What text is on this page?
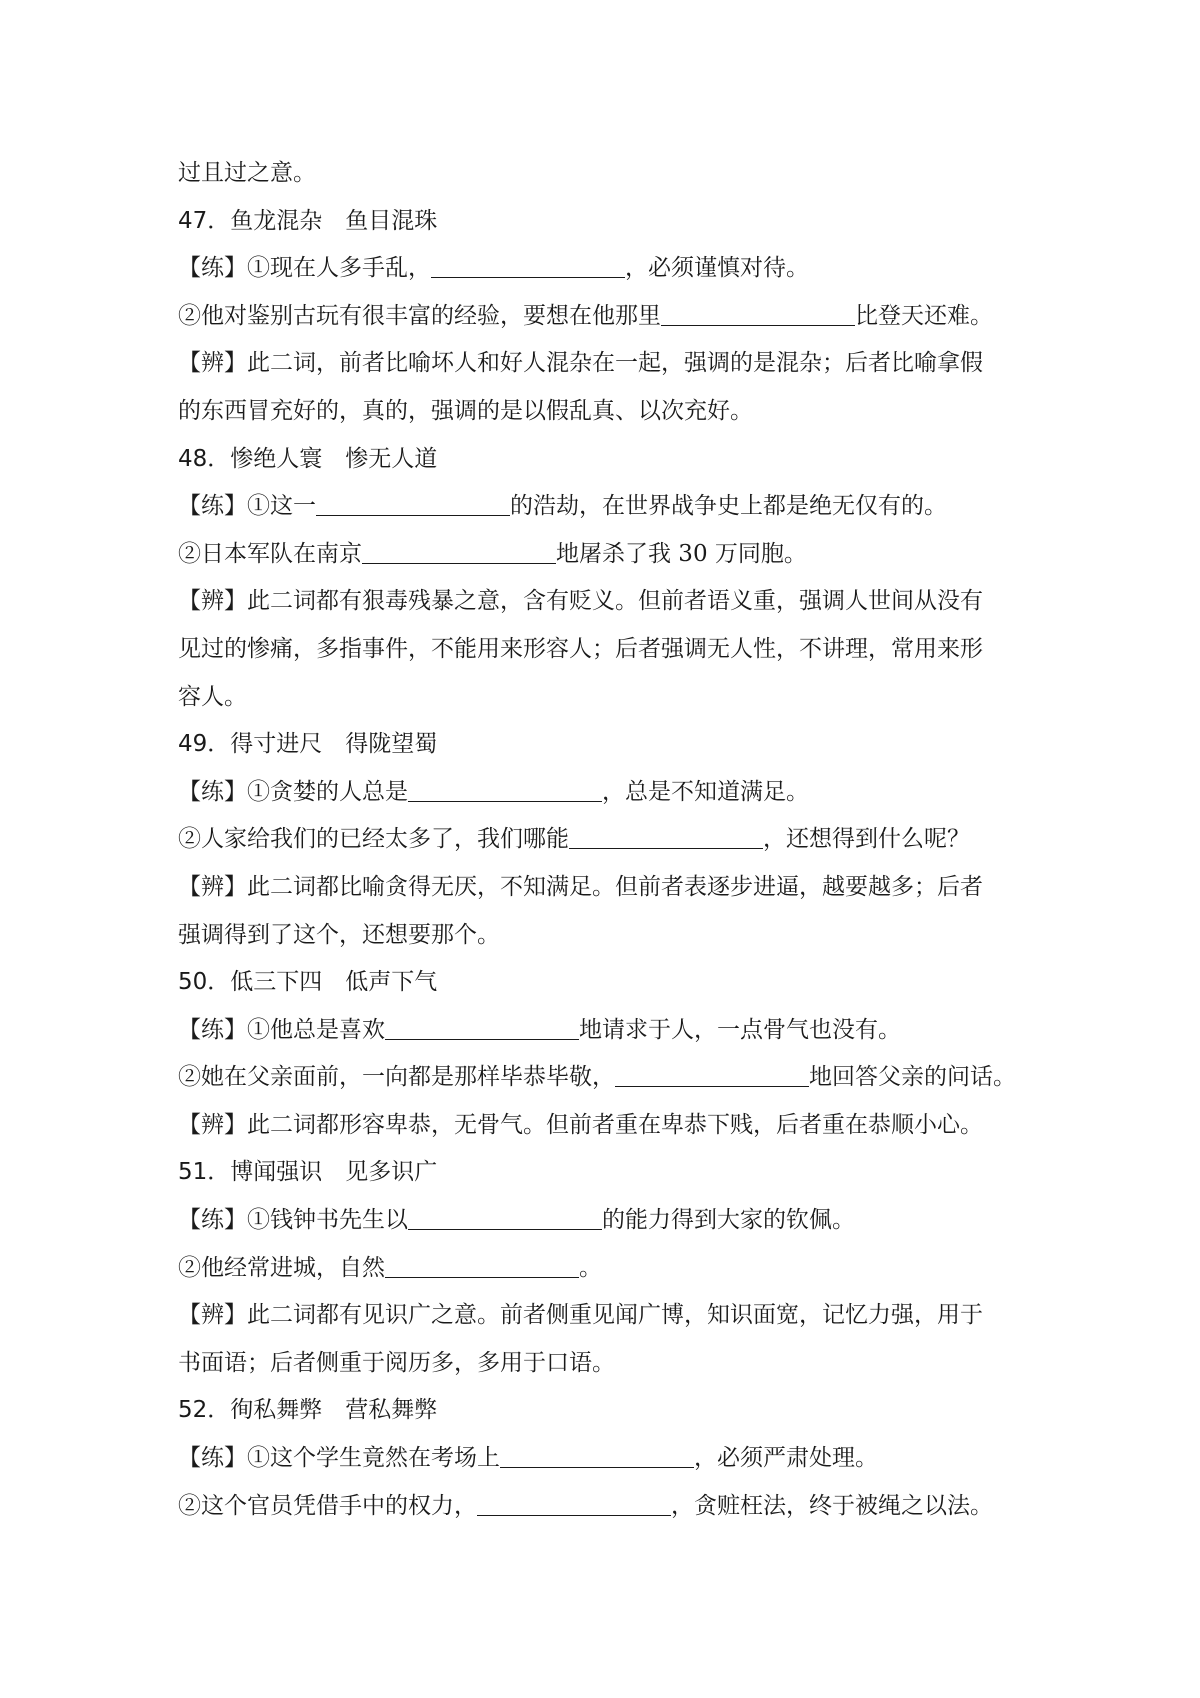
过且过之意。
47．鱼龙混杂　鱼目混珠
【练】①现在人多手乱，	，必须谨慎对待。
②他对鉴别古玩有很丰富的经验，要想在他那里	比登天还难。
【辨】此二词，前者比喻坏人和好人混杂在一起，强调的是混杂；后者比喻拿假
的东西冒充好的，真的，强调的是以假乱真、以次充好。
48．惨绝人寰　惨无人道
【练】①这一	的浩劫，在世界战争史上都是绝无仅有的。
②日本军队在南京	地屠杀了我 30 万同胞。
【辨】此二词都有狠毒残暴之意，含有贬义。但前者语义重，强调人世间从没有
见过的惨痛，多指事件，不能用来形容人；后者强调无人性，不讲理，常用来形
容人。
49．得寸进尺　得陇望蜀
【练】①贪婪的人总是	，总是不知道满足。
②人家给我们的已经太多了，我们哪能	，还想得到什么呢？
【辨】此二词都比喻贪得无厌，不知满足。但前者表逐步进逼，越要越多；后者
强调得到了这个，还想要那个。
50．低三下四　低声下气
【练】①他总是喜欢	地请求于人，一点骨气也没有。
②她在父亲面前，一向都是那样毕恭毕敬，	地回答父亲的问话。
【辨】此二词都形容卑恭，无骨气。但前者重在卑恭下贱，后者重在恭顺小心。
51．博闻强识　见多识广
【练】①钱钟书先生以	的能力得到大家的钦佩。
②他经常进城，自然	。
【辨】此二词都有见识广之意。前者侧重见闻广博，知识面宽，记忆力强，用于
书面语；后者侧重于阅历多，多用于口语。
52．徇私舞弊　营私舞弊
【练】①这个学生竟然在考场上	，必须严肃处理。
②这个官员凭借手中的权力，	，贪赃枉法，终于被绳之以法。
